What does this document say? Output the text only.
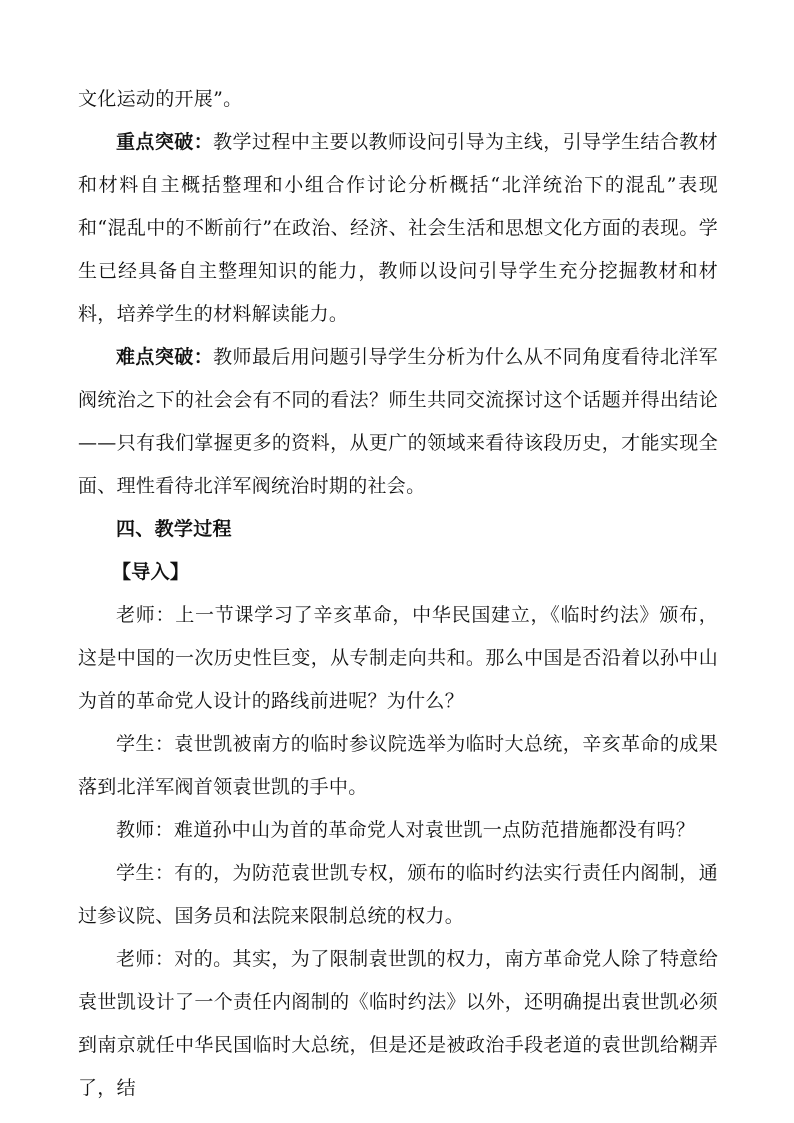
文化运动的开展”。

重点突破：教学过程中主要以教师设问引导为主线，引导学生结合教材和材料自主概括整理和小组合作讨论分析概括“北洋统治下的混乱”表现和“混乱中的不断前行”在政治、经济、社会生活和思想文化方面的表现。学生已经具备自主整理知识的能力，教师以设问引导学生充分挖掘教材和材料，培养学生的材料解读能力。

难点突破：教师最后用问题引导学生分析为什么从不同角度看待北洋军阀统治之下的社会会有不同的看法？师生共同交流探讨这个话题并得出结论——只有我们掌握更多的资料，从更广的领域来看待该段历史，才能实现全面、理性看待北洋军阀统治时期的社会。

四、教学过程

【导入】

老师：上一节课学习了辛亥革命，中华民国建立，《临时约法》颁布，这是中国的一次历史性巨变，从专制走向共和。那么中国是否沿着以孙中山为首的革命党人设计的路线前进呢？为什么？

学生：袁世凯被南方的临时参议院选举为临时大总统，辛亥革命的成果落到北洋军阀首领袁世凯的手中。

教师：难道孙中山为首的革命党人对袁世凯一点防范措施都没有吗？

学生：有的，为防范袁世凯专权，颁布的临时约法实行责任内阁制，通过参议院、国务员和法院来限制总统的权力。

老师：对的。其实，为了限制袁世凯的权力，南方革命党人除了特意给袁世凯设计了一个责任内阁制的《临时约法》以外，还明确提出袁世凯必须到南京就任中华民国临时大总统，但是还是被政治手段老道的袁世凯给糊弄了，结
